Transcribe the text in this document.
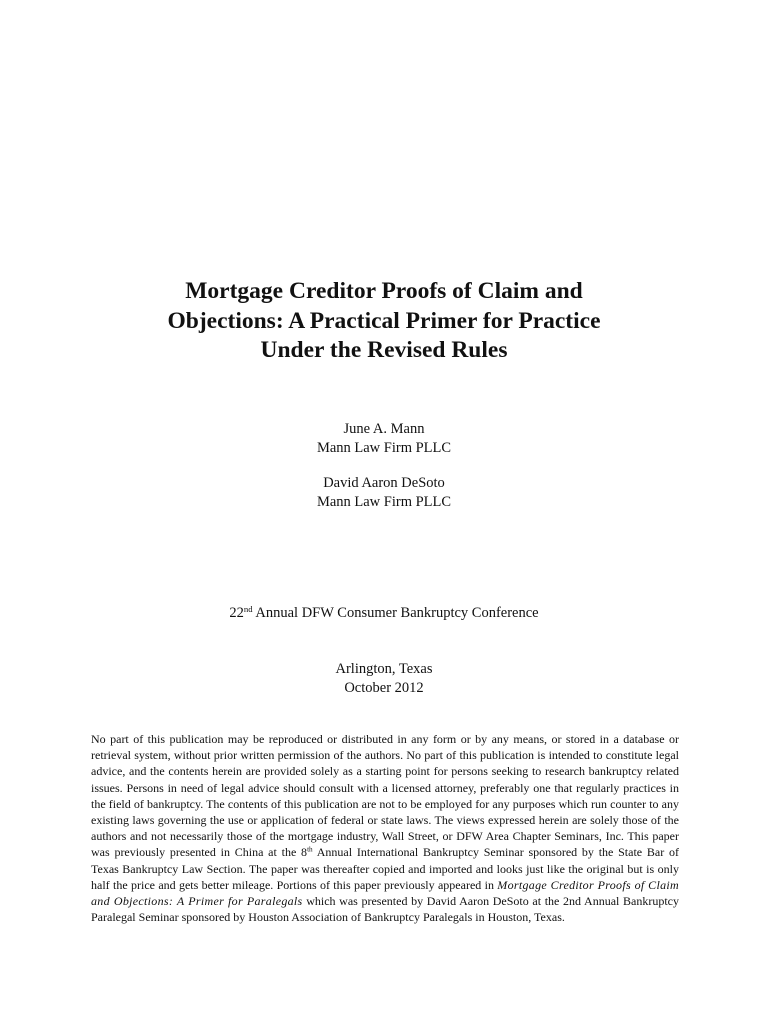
Mortgage Creditor Proofs of Claim and
Objections: A Practical Primer for Practice
Under the Revised Rules
June A. Mann
Mann Law Firm PLLC
David Aaron DeSoto
Mann Law Firm PLLC
22nd Annual DFW Consumer Bankruptcy Conference
Arlington, Texas
October 2012

No part of this publication may be reproduced or distributed in any form or by any means, or stored in a database or retrieval system, without prior written permission of the authors. No part of this publication is intended to constitute legal advice, and the contents herein are provided solely as a starting point for persons seeking to research bankruptcy related issues. Persons in need of legal advice should consult with a licensed attorney, preferably one that regularly practices in the field of bankruptcy. The contents of this publication are not to be employed for any purposes which run counter to any existing laws governing the use or application of federal or state laws. The views expressed herein are solely those of the authors and not necessarily those of the mortgage industry, Wall Street, or DFW Area Chapter Seminars, Inc. This paper was previously presented in China at the 8th Annual International Bankruptcy Seminar sponsored by the State Bar of Texas Bankruptcy Law Section. The paper was thereafter copied and imported and looks just like the original but is only half the price and gets better mileage. Portions of this paper previously appeared in Mortgage Creditor Proofs of Claim and Objections: A Primer for Paralegals which was presented by David Aaron DeSoto at the 2nd Annual Bankruptcy Paralegal Seminar sponsored by Houston Association of Bankruptcy Paralegals in Houston, Texas.
